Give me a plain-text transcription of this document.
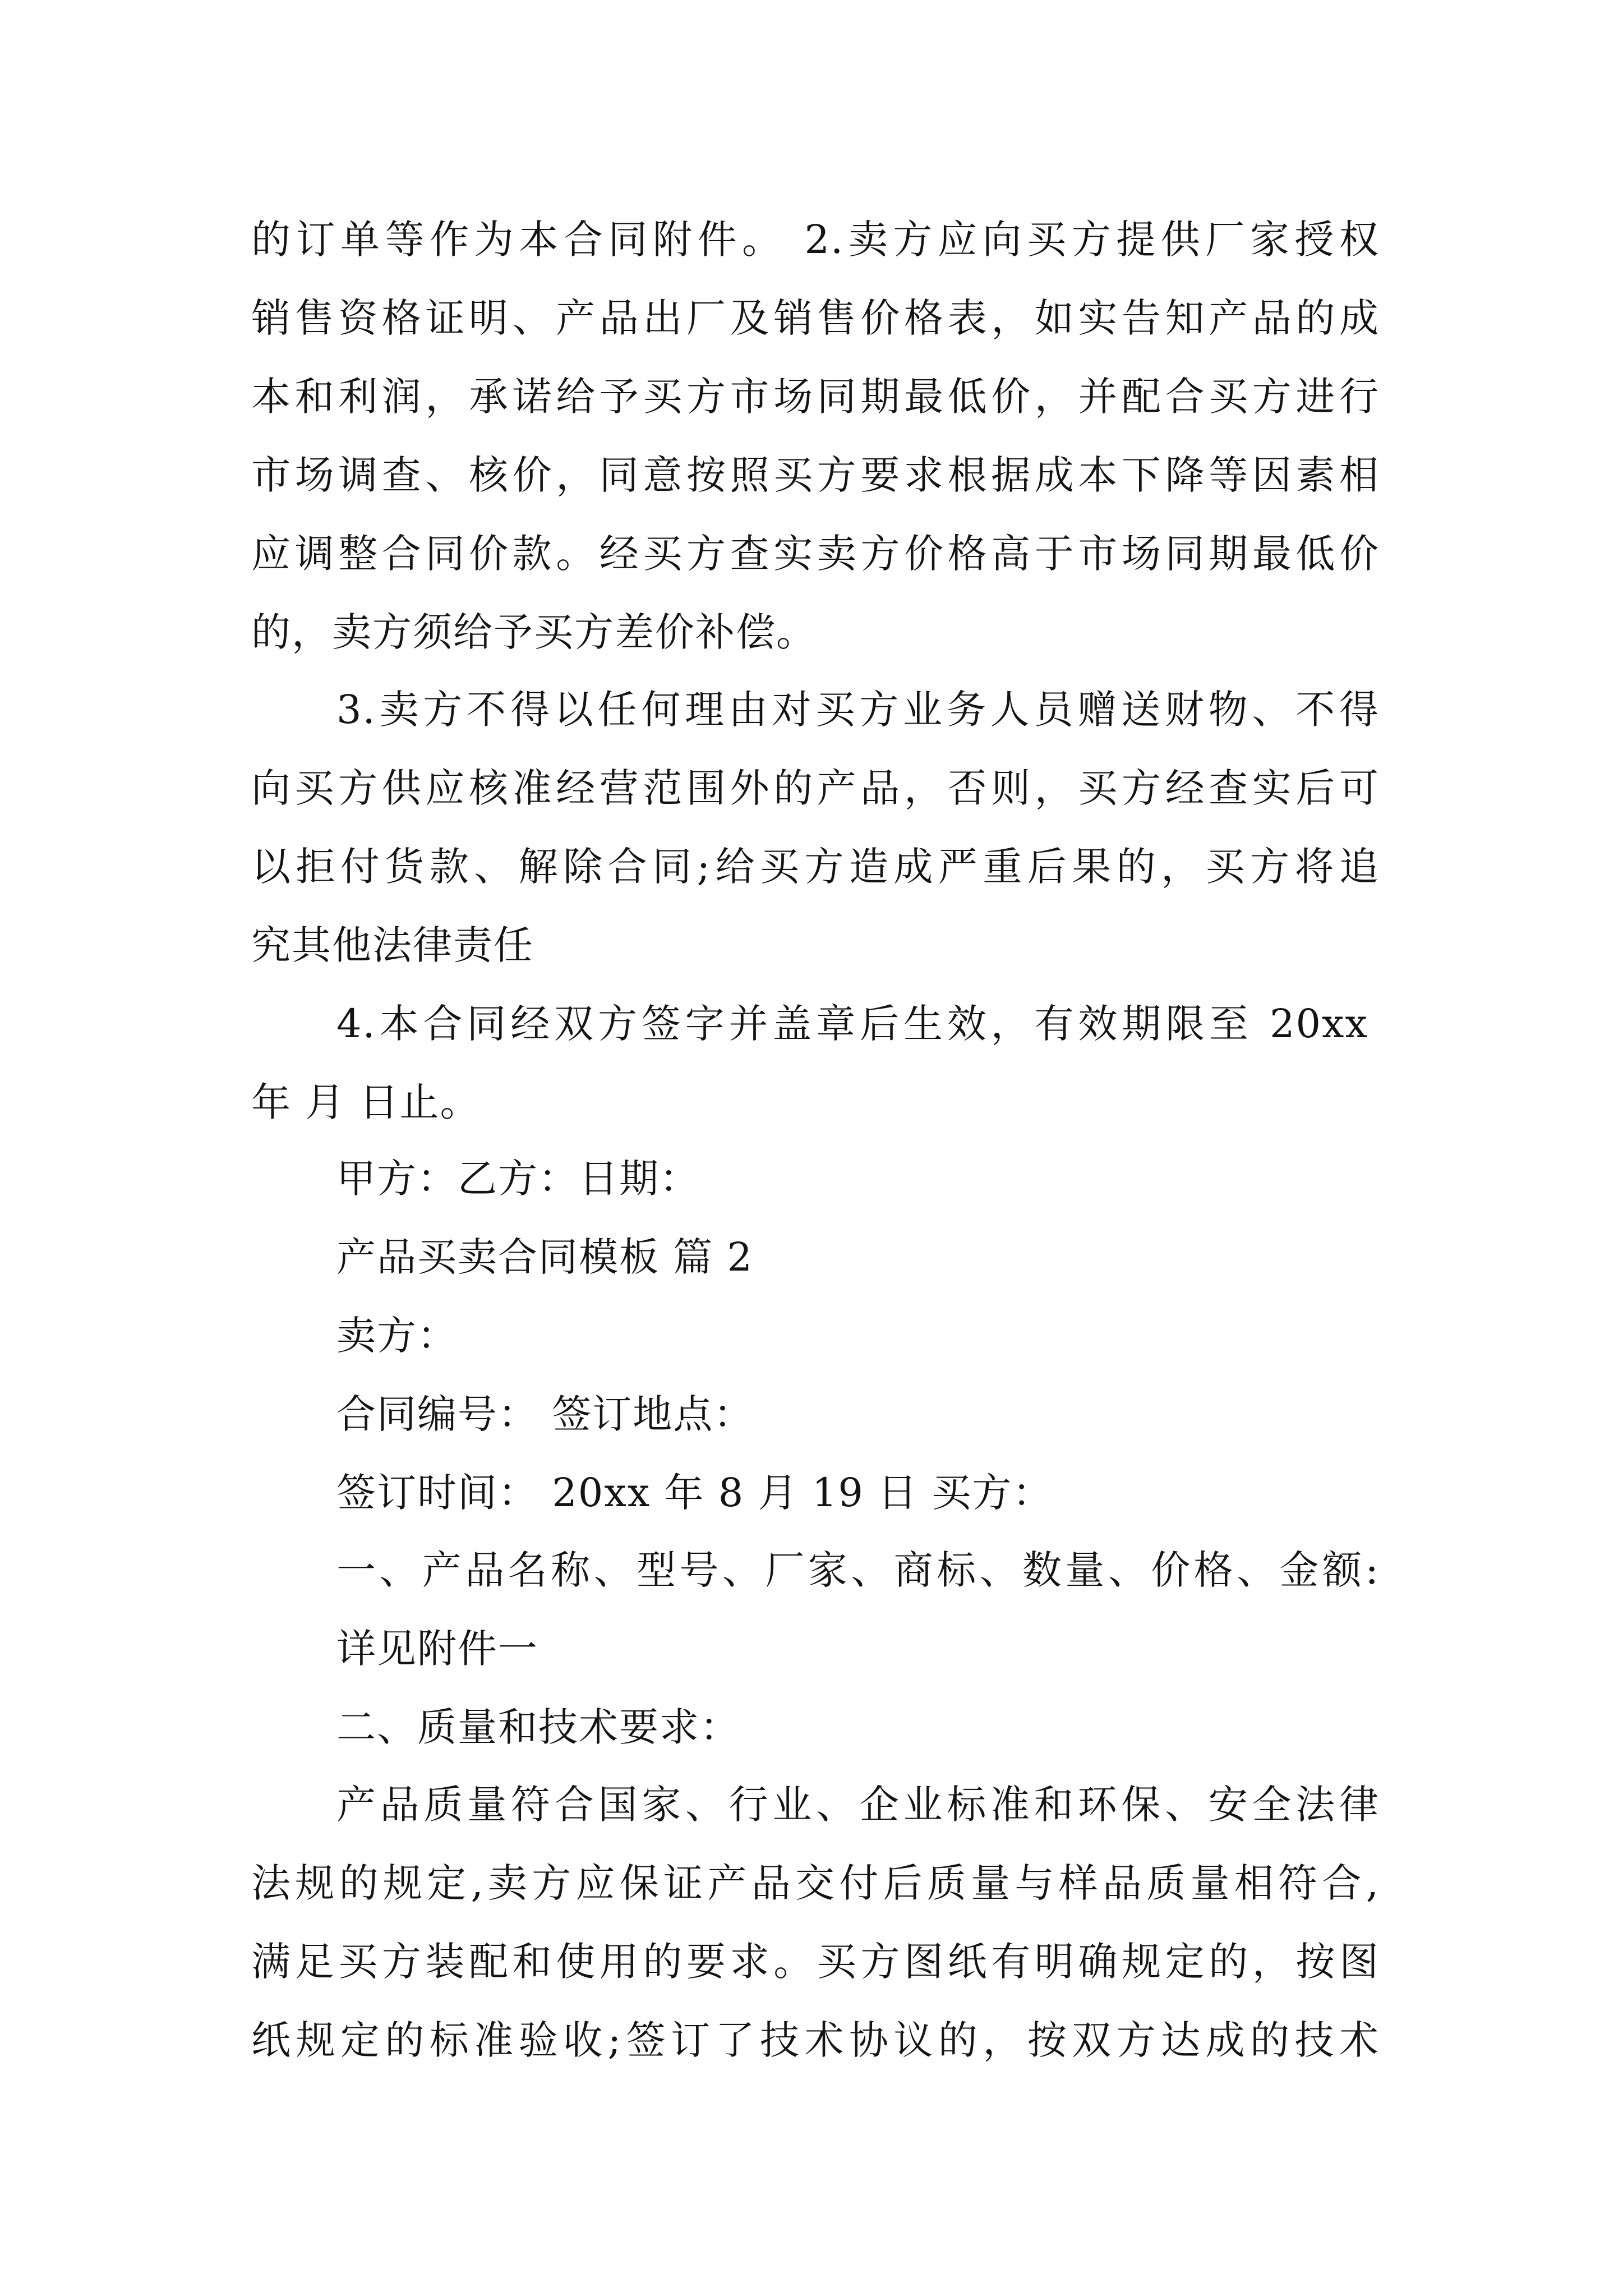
的订单等作为本合同附件。 2.卖方应向买方提供厂家授权
销售资格证明、产品出厂及销售价格表，如实告知产品的成
本和利润，承诺给予买方市场同期最低价，并配合买方进行
市场调查、核价，同意按照买方要求根据成本下降等因素相
应调整合同价款。经买方查实卖方价格高于市场同期最低价
的，卖方须给予买方差价补偿。
3.卖方不得以任何理由对买方业务人员赠送财物、不得
向买方供应核准经营范围外的产品，否则，买方经查实后可
以拒付货款、解除合同;给买方造成严重后果的，买方将追
究其他法律责任
4.本合同经双方签字并盖章后生效，有效期限至 20xx
年 月 日止。
甲方：乙方：日期：
产品买卖合同模板 篇 2
卖方：
合同编号： 签订地点：
签订时间： 20xx 年 8 月 19 日 买方：
一、产品名称、型号、厂家、商标、数量、价格、金额:
详见附件一
二、质量和技术要求：
产品质量符合国家、行业、企业标准和环保、安全法律
法规的规定,卖方应保证产品交付后质量与样品质量相符合,
满足买方装配和使用的要求。买方图纸有明确规定的，按图
纸规定的标准验收;签订了技术协议的，按双方达成的技术
